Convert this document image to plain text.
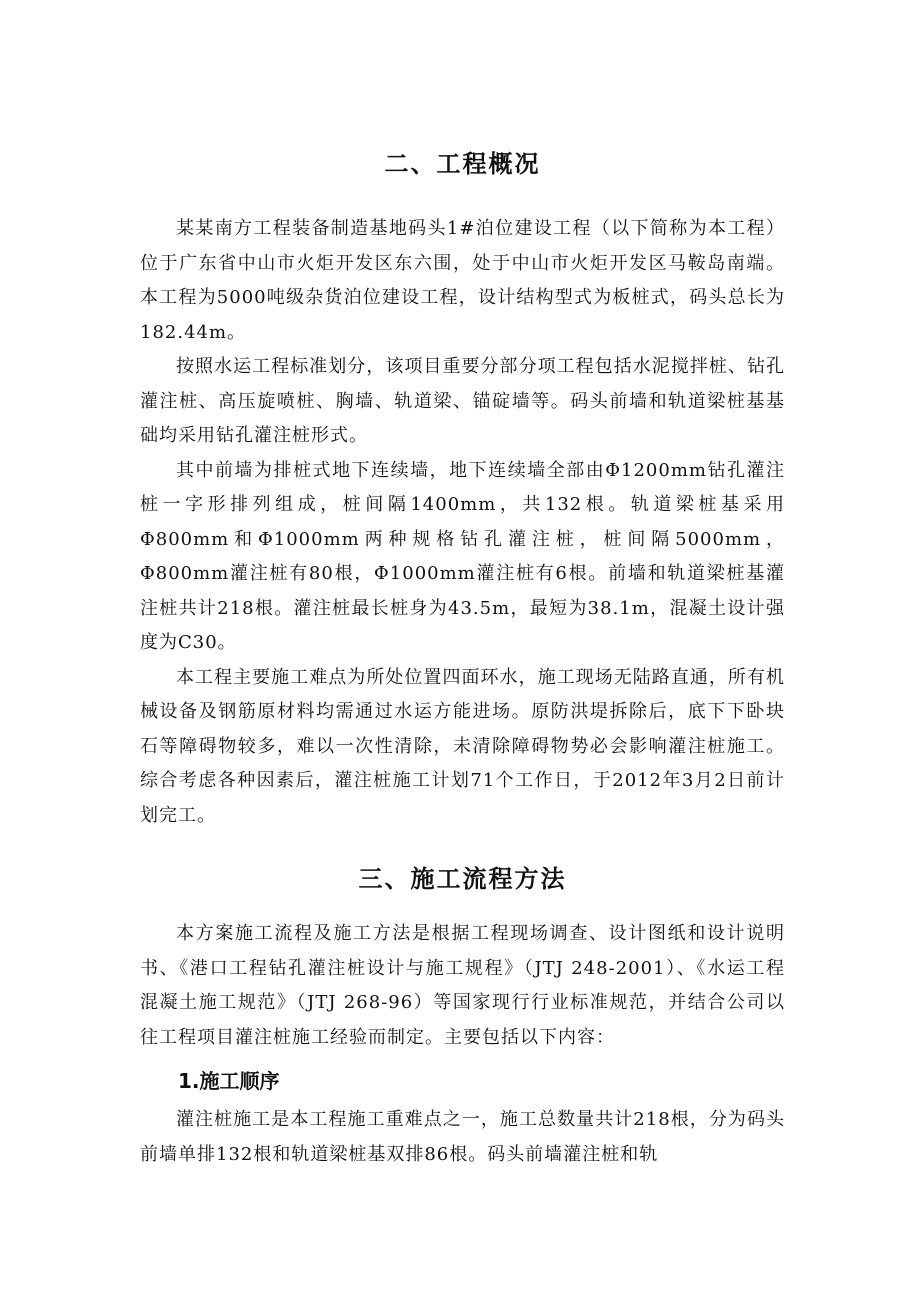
二、工程概况

某某南方工程装备制造基地码头1#泊位建设工程（以下简称为本工程）位于广东省中山市火炬开发区东六围，处于中山市火炬开发区马鞍岛南端。本工程为5000吨级杂货泊位建设工程，设计结构型式为板桩式，码头总长为182.44m。

按照水运工程标准划分，该项目重要分部分项工程包括水泥搅拌桩、钻孔灌注桩、高压旋喷桩、胸墙、轨道梁、锚碇墙等。码头前墙和轨道梁桩基基础均采用钻孔灌注桩形式。

其中前墙为排桩式地下连续墙，地下连续墙全部由Φ1200mm钻孔灌注桩一字形排列组成，桩间隔1400mm，共132根。轨道梁桩基采用Φ800mm和Φ1000mm两种规格钻孔灌注桩，桩间隔5000mm，Φ800mm灌注桩有80根，Φ1000mm灌注桩有6根。前墙和轨道梁桩基灌注桩共计218根。灌注桩最长桩身为43.5m，最短为38.1m，混凝土设计强度为C30。

本工程主要施工难点为所处位置四面环水，施工现场无陆路直通，所有机械设备及钢筋原材料均需通过水运方能进场。原防洪堤拆除后，底下下卧块石等障碍物较多，难以一次性清除，未清除障碍物势必会影响灌注桩施工。综合考虑各种因素后，灌注桩施工计划71个工作日，于2012年3月2日前计划完工。

三、施工流程方法

本方案施工流程及施工方法是根据工程现场调查、设计图纸和设计说明书、《港口工程钻孔灌注桩设计与施工规程》（JTJ 248-2001）、《水运工程混凝土施工规范》（JTJ 268-96）等国家现行行业标准规范，并结合公司以往工程项目灌注桩施工经验而制定。主要包括以下内容：

1.施工顺序

灌注桩施工是本工程施工重难点之一，施工总数量共计218根，分为码头前墙单排132根和轨道梁桩基双排86根。码头前墙灌注桩和轨
